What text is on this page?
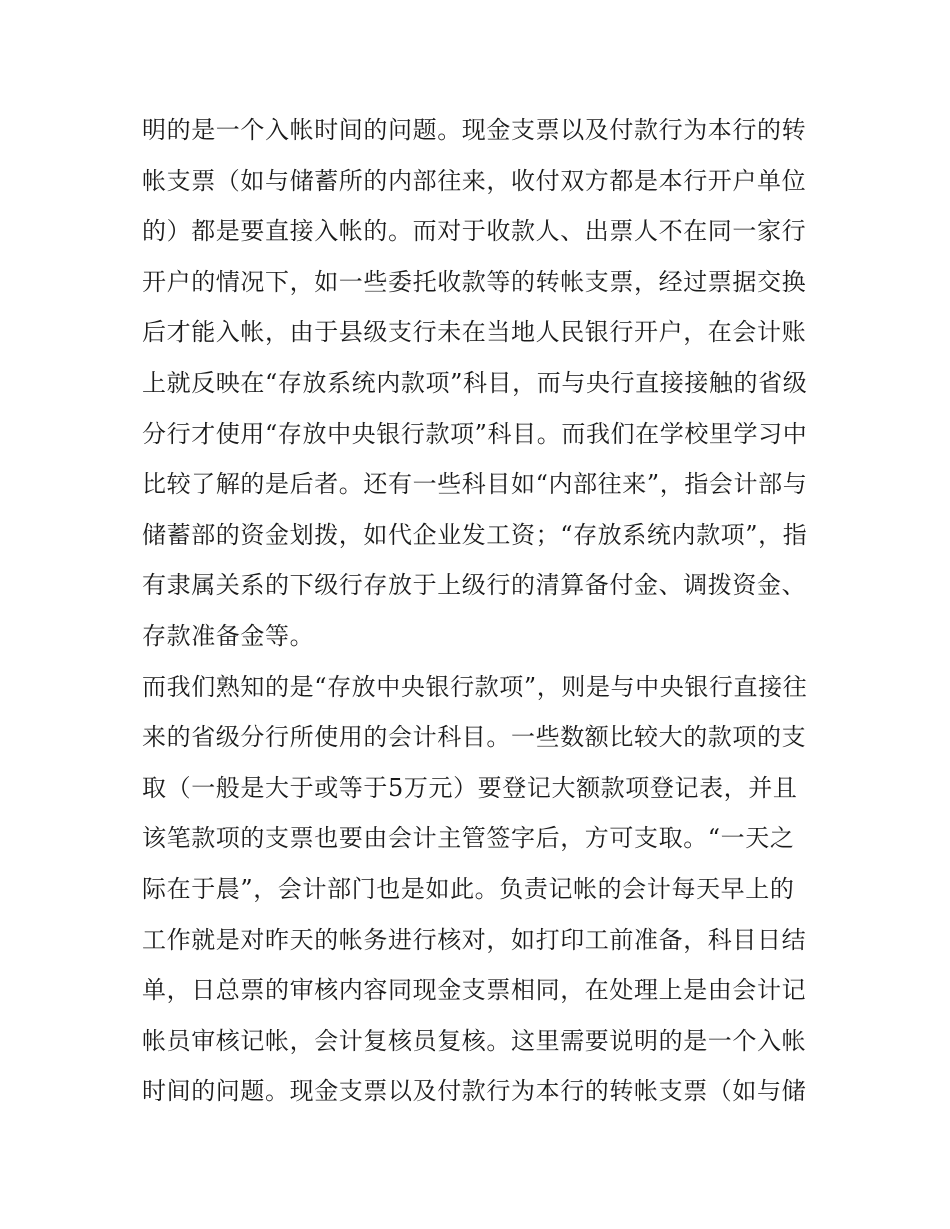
明的是一个入帐时间的问题。现金支票以及付款行为本行的转
帐支票（如与储蓄所的内部往来，收付双方都是本行开户单位
的）都是要直接入帐的。而对于收款人、出票人不在同一家行
开户的情况下，如一些委托收款等的转帐支票，经过票据交换
后才能入帐，由于县级支行未在当地人民银行开户，在会计账
上就反映在“存放系统内款项”科目，而与央行直接接触的省级
分行才使用“存放中央银行款项”科目。而我们在学校里学习中
比较了解的是后者。还有一些科目如“内部往来”，指会计部与
储蓄部的资金划拨，如代企业发工资；“存放系统内款项”，指
有隶属关系的下级行存放于上级行的清算备付金、调拨资金、
存款准备金等。
而我们熟知的是“存放中央银行款项”，则是与中央银行直接往
来的省级分行所使用的会计科目。一些数额比较大的款项的支
取（一般是大于或等于5万元）要登记大额款项登记表，并且
该笔款项的支票也要由会计主管签字后，方可支取。“一天之
际在于晨”，会计部门也是如此。负责记帐的会计每天早上的
工作就是对昨天的帐务进行核对，如打印工前准备，科目日结
单，日总票的审核内容同现金支票相同，在处理上是由会计记
帐员审核记帐，会计复核员复核。这里需要说明的是一个入帐
时间的问题。现金支票以及付款行为本行的转帐支票（如与储
